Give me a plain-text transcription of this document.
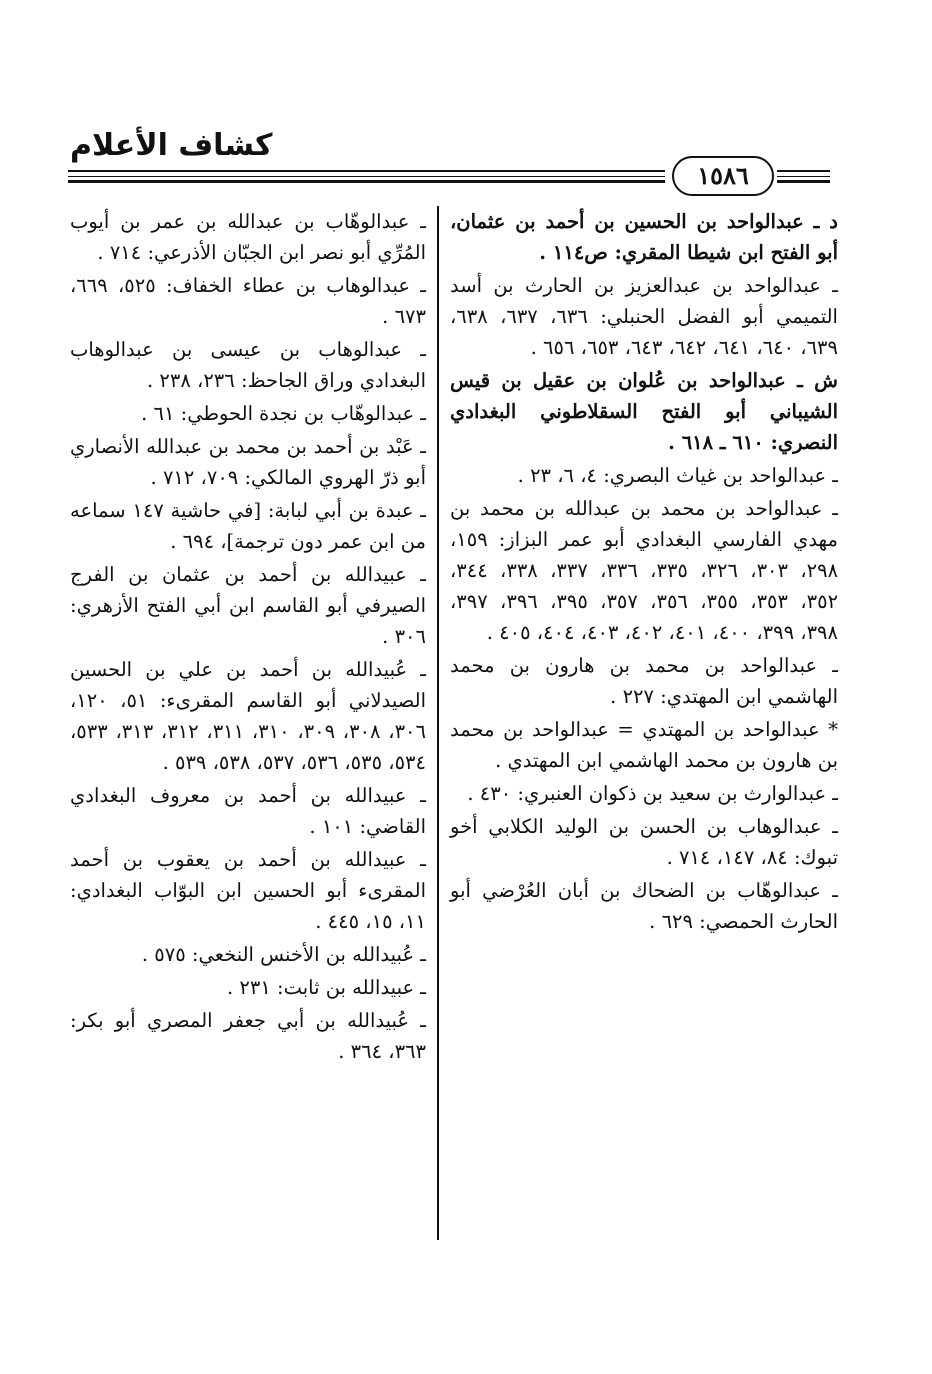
كشاف الأعلام
١٥٨٦

د ـ عبدالواحد بن الحسين بن أحمد بن عثمان، أبو الفتح ابن شيطا المقري: ص١١٤ .

ـ عبدالواحد بن عبدالعزيز بن الحارث بن أسد التميمي أبو الفضل الحنبلي: ٦٣٦، ٦٣٧، ٦٣٨، ٦٣٩، ٦٤٠، ٦٤١، ٦٤٢، ٦٤٣، ٦٥٣، ٦٥٦ .

ش ـ عبدالواحد بن عُلوان بن عقيل بن قيس الشيباني أبو الفتح السقلاطوني البغدادي النصري: ٦١٠ ـ ٦١٨ .

ـ عبدالواحد بن غياث البصري: ٤، ٦، ٢٣ .

ـ عبدالواحد بن محمد بن عبدالله بن محمد بن مهدي الفارسي البغدادي أبو عمر البزاز: ١٥٩، ٢٩٨، ٣٠٣، ٣٢٦، ٣٣٥، ٣٣٦، ٣٣٧، ٣٣٨، ٣٤٤، ٣٥٢، ٣٥٣، ٣٥٥، ٣٥٦، ٣٥٧، ٣٩٥، ٣٩٦، ٣٩٧، ٣٩٨، ٣٩٩، ٤٠٠، ٤٠١، ٤٠٢، ٤٠٣، ٤٠٤، ٤٠٥ .

ـ عبدالواحد بن محمد بن هارون بن محمد الهاشمي ابن المهتدي: ٢٢٧ .

* عبدالواحد بن المهتدي = عبدالواحد بن محمد بن هارون بن محمد الهاشمي ابن المهتدي .

ـ عبدالوارث بن سعيد بن ذكوان العنبري: ٤٣٠ .

ـ عبدالوهاب بن الحسن بن الوليد الكلابي أخو تبوك: ٨٤، ١٤٧، ٧١٤ .

ـ عبدالوهّاب بن الضحاك بن أبان العُرْضي أبو الحارث الحمصي: ٦٢٩ .

ـ عبدالوهّاب بن عبدالله بن عمر بن أيوب المُرِّي أبو نصر ابن الجبّان الأذرعي: ٧١٤ .

ـ عبدالوهاب بن عطاء الخفاف: ٥٢٥، ٦٦٩، ٦٧٣ .

ـ عبدالوهاب بن عيسى بن عبدالوهاب البغدادي وراق الجاحظ: ٢٣٦، ٢٣٨ .

ـ عبدالوهّاب بن نجدة الحوطي: ٦١ .

ـ عَبْد بن أحمد بن محمد بن عبدالله الأنصاري أبو ذرّ الهروي المالكي: ٧٠٩، ٧١٢ .

ـ عبدة بن أبي لبابة: [في حاشية ١٤٧ سماعه من ابن عمر دون ترجمة]، ٦٩٤ .

ـ عبيدالله بن أحمد بن عثمان بن الفرج الصيرفي أبو القاسم ابن أبي الفتح الأزهري: ٣٠٦ .

ـ عُبيدالله بن أحمد بن علي بن الحسين الصيدلاني أبو القاسم المقرىء: ٥١، ١٢٠، ٣٠٦، ٣٠٨، ٣٠٩، ٣١٠، ٣١١، ٣١٢، ٣١٣، ٥٣٣، ٥٣٤، ٥٣٥، ٥٣٦، ٥٣٧، ٥٣٨، ٥٣٩ .

ـ عبيدالله بن أحمد بن معروف البغدادي القاضي: ١٠١ .

ـ عبيدالله بن أحمد بن يعقوب بن أحمد المقرىء أبو الحسين ابن البوّاب البغدادي: ١١، ١٥، ٤٤٥ .

ـ عُبيدالله بن الأخنس النخعي: ٥٧٥ .

ـ عبيدالله بن ثابت: ٢٣١ .

ـ عُبيدالله بن أبي جعفر المصري أبو بكر: ٣٦٣، ٣٦٤ .
